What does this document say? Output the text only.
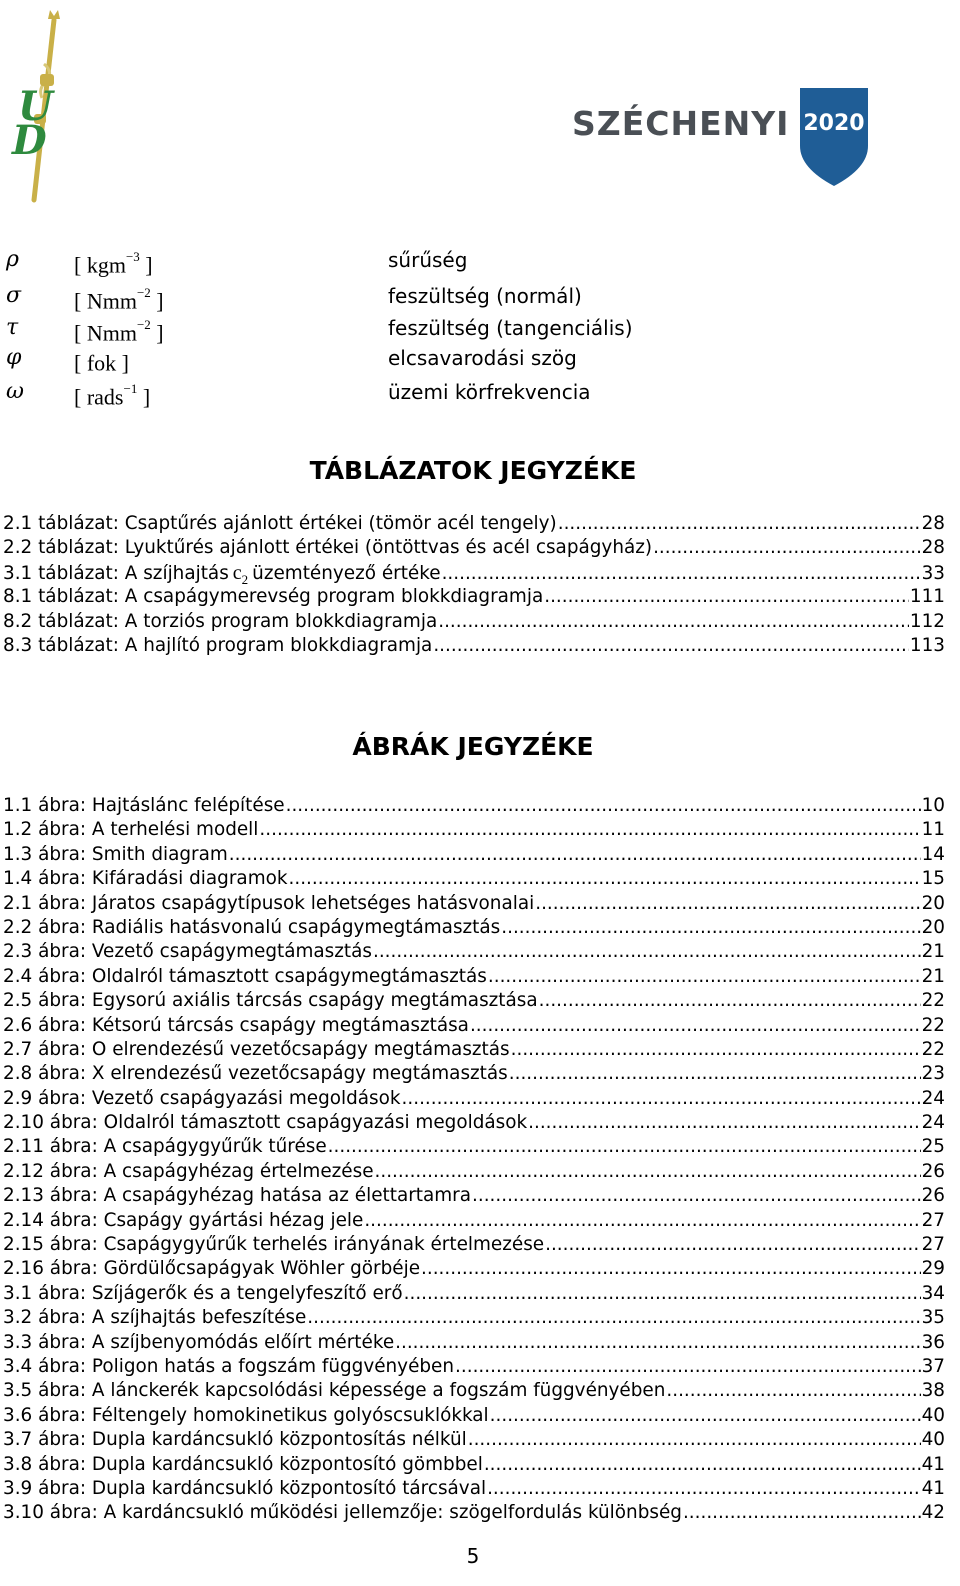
U
D	SZÉCHENYI 2020
ρ	[ kgm$^{-3}$ ]	sűrűség
σ [ Nmm$^{-2}$ ]	feszültség (normál)
τ	[ Nmm$^{-2}$ ]	feszültség (tangenciális)
φ [ fok ]	elcsavarodási szög
ω [ rads$^{-1}$ ]	üzemi körfrekvencia
TÁBLÁZATOK JEGYZÉKE
2.1 táblázat: Csaptűrés ajánlott értékei (tömör acél tengely) .....	28
2.2 táblázat: Lyuktűrés ajánlott értékei (öntöttvas és acél csapágyház) .....	28
3.1 táblázat: A szíjhajtás $c_2$ üzemtényező értéke .....	33
8.1 táblázat: A csapágymerevség program blokkdiagramja .....	111
8.2 táblázat: A torziós program blokkdiagramja .....	112
8.3 táblázat: A hajlító program blokkdiagramja .....	113
ÁBRÁK JEGYZÉKE
1.1 ábra: Hajtáslánc felépítése .....	10
1.2 ábra: A terhelési modell .....	11
1.3 ábra: Smith diagram .....	14
1.4 ábra: Kifáradási diagramok .....	15
2.1 ábra: Járatos csapágytípusok lehetséges hatásvonalai .....	20
2.2 ábra: Radiális hatásvonalú csapágymegtámasztás .....	20
2.3 ábra: Vezető csapágymegtámasztás .....	21
2.4 ábra: Oldalról támasztott csapágymegtámasztás .....	21
2.5 ábra: Egysorú axiális tárcsás csapágy megtámasztása .....	22
2.6 ábra: Kétsorú tárcsás csapágy megtámasztása .....	22
2.7 ábra: O elrendezésű vezetőcsapágy megtámasztás .....	22
2.8 ábra: X elrendezésű vezetőcsapágy megtámasztás .....	23
2.9 ábra: Vezető csapágyazási megoldások .....	24
2.10 ábra: Oldalról támasztott csapágyazási megoldások .....	24
2.11 ábra: A csapágygyűrűk tűrése .....	25
2.12 ábra: A csapágyhézag értelmezése .....	26
2.13 ábra: A csapágyhézag hatása az élettartamra .....	26
2.14 ábra: Csapágy gyártási hézag jele .....	27
2.15 ábra: Csapágygyűrűk terhelés irányának értelmezése .....	27
2.16 ábra: Gördülőcsapágyak Wöhler görbéje .....	29
3.1 ábra: Szíjágerők és a tengelyfeszítő erő .....	34
3.2 ábra: A szíjhajtás befeszítése .....	35
3.3 ábra: A szíjbenyomódás előírt mértéke .....	36
3.4 ábra: Poligon hatás a fogszám függvényében .....	37
3.5 ábra: A lánckerék kapcsolódási képessége a fogszám függvényében .....	38
3.6 ábra: Féltengely homokinetikus golyóscsuklókkal .....	40
3.7 ábra: Dupla kardáncsukló központosítás nélkül .....	40
3.8 ábra: Dupla kardáncsukló központosító gömbbel .....	41
3.9 ábra: Dupla kardáncsukló központosító tárcsával .....	41
3.10 ábra: A kardáncsukló működési jellemzője: szögelfordulás különbség .....	42
5
